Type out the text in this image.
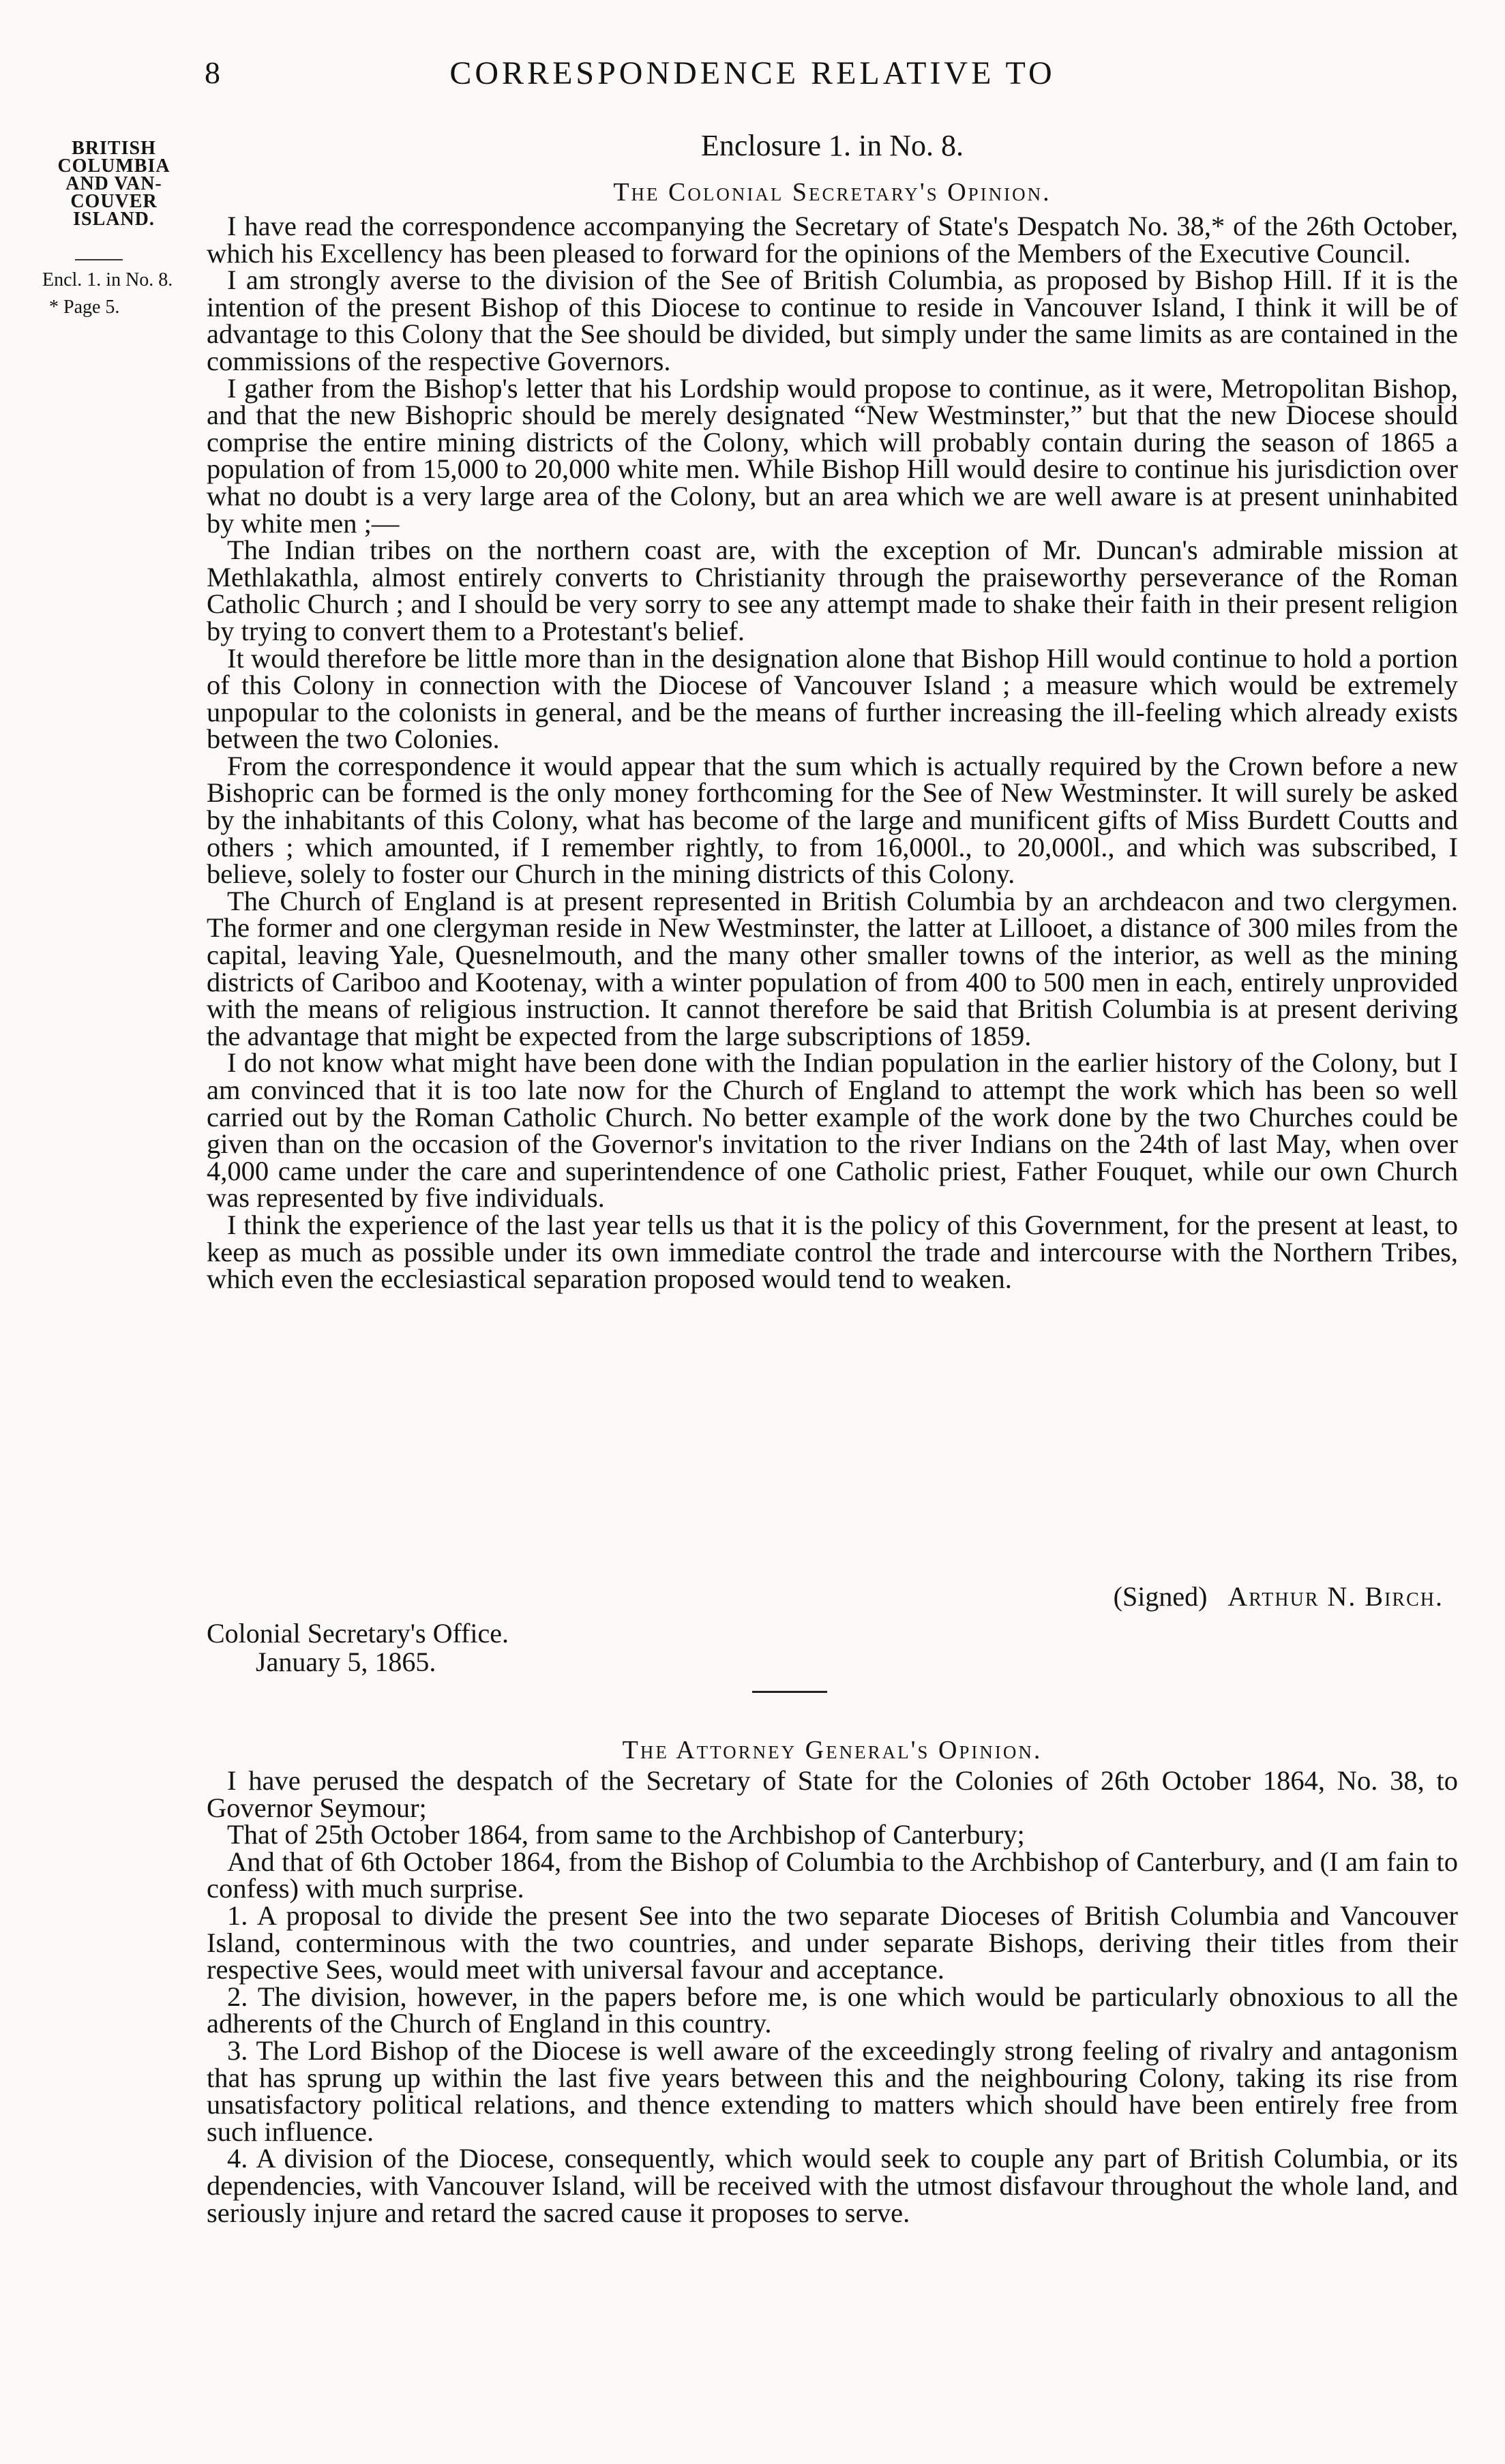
8	CORRESPONDENCE RELATIVE TO
BRITISH COLUMBIA AND VAN-COUVER ISLAND.
Encl. 1. in No. 8.
* Page 5.
Enclosure 1. in No. 8.
The Colonial Secretary's Opinion.

I have read the correspondence accompanying the Secretary of State's Despatch No. 38,* of the 26th October, which his Excellency has been pleased to forward for the opinions of the Members of the Executive Council.

I am strongly averse to the division of the See of British Columbia, as proposed by Bishop Hill. If it is the intention of the present Bishop of this Diocese to continue to reside in Vancouver Island, I think it will be of advantage to this Colony that the See should be divided, but simply under the same limits as are contained in the commissions of the respective Governors.

I gather from the Bishop's letter that his Lordship would propose to continue, as it were, Metropolitan Bishop, and that the new Bishopric should be merely designated “New Westminster,” but that the new Diocese should comprise the entire mining districts of the Colony, which will probably contain during the season of 1865 a population of from 15,000 to 20,000 white men. While Bishop Hill would desire to continue his jurisdiction over what no doubt is a very large area of the Colony, but an area which we are well aware is at present uninhabited by white men ;—

The Indian tribes on the northern coast are, with the exception of Mr. Duncan's admirable mission at Methlakathla, almost entirely converts to Christianity through the praiseworthy perseverance of the Roman Catholic Church ; and I should be very sorry to see any attempt made to shake their faith in their present religion by trying to convert them to a Protestant's belief.

It would therefore be little more than in the designation alone that Bishop Hill would continue to hold a portion of this Colony in connection with the Diocese of Vancouver Island ; a measure which would be extremely unpopular to the colonists in general, and be the means of further increasing the ill-feeling which already exists between the two Colonies.

From the correspondence it would appear that the sum which is actually required by the Crown before a new Bishopric can be formed is the only money forthcoming for the See of New Westminster. It will surely be asked by the inhabitants of this Colony, what has become of the large and munificent gifts of Miss Burdett Coutts and others ; which amounted, if I remember rightly, to from 16,000l., to 20,000l., and which was subscribed, I believe, solely to foster our Church in the mining districts of this Colony.

The Church of England is at present represented in British Columbia by an archdeacon and two clergymen. The former and one clergyman reside in New Westminster, the latter at Lillooet, a distance of 300 miles from the capital, leaving Yale, Quesnelmouth, and the many other smaller towns of the interior, as well as the mining districts of Cariboo and Kootenay, with a winter population of from 400 to 500 men in each, entirely unprovided with the means of religious instruction. It cannot therefore be said that British Columbia is at present deriving the advantage that might be expected from the large subscriptions of 1859.

I do not know what might have been done with the Indian population in the earlier history of the Colony, but I am convinced that it is too late now for the Church of England to attempt the work which has been so well carried out by the Roman Catholic Church. No better example of the work done by the two Churches could be given than on the occasion of the Governor's invitation to the river Indians on the 24th of last May, when over 4,000 came under the care and superintendence of one Catholic priest, Father Fouquet, while our own Church was represented by five individuals.

I think the experience of the last year tells us that it is the policy of this Government, for the present at least, to keep as much as possible under its own immediate control the trade and intercourse with the Northern Tribes, which even the ecclesiastical separation proposed would tend to weaken.

(Signed) Arthur N. Birch.
Colonial Secretary's Office.
January 5, 1865.
The Attorney General's Opinion.

I have perused the despatch of the Secretary of State for the Colonies of 26th October 1864, No. 38, to Governor Seymour;

That of 25th October 1864, from same to the Archbishop of Canterbury;

And that of 6th October 1864, from the Bishop of Columbia to the Archbishop of Canterbury, and (I am fain to confess) with much surprise.

1. A proposal to divide the present See into the two separate Dioceses of British Columbia and Vancouver Island, conterminous with the two countries, and under separate Bishops, deriving their titles from their respective Sees, would meet with universal favour and acceptance.

2. The division, however, in the papers before me, is one which would be particularly obnoxious to all the adherents of the Church of England in this country.

3. The Lord Bishop of the Diocese is well aware of the exceedingly strong feeling of rivalry and antagonism that has sprung up within the last five years between this and the neighbouring Colony, taking its rise from unsatisfactory political relations, and thence extending to matters which should have been entirely free from such influence.

4. A division of the Diocese, consequently, which would seek to couple any part of British Columbia, or its dependencies, with Vancouver Island, will be received with the utmost disfavour throughout the whole land, and seriously injure and retard the sacred cause it proposes to serve.
